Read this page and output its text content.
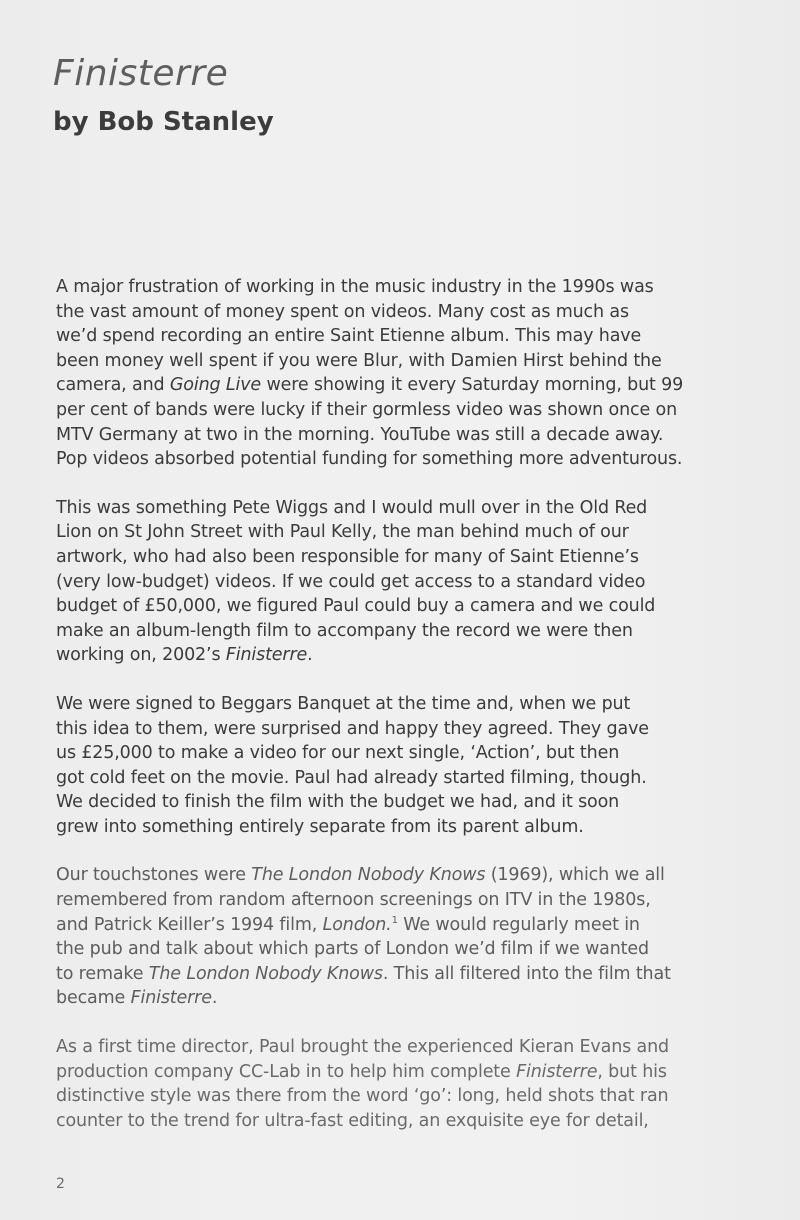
Finisterre
by Bob Stanley
A major frustration of working in the music industry in the 1990s was
the vast amount of money spent on videos. Many cost as much as
we’d spend recording an entire Saint Etienne album. This may have
been money well spent if you were Blur, with Damien Hirst behind the
camera, and Going Live were showing it every Saturday morning, but 99
per cent of bands were lucky if their gormless video was shown once on
MTV Germany at two in the morning. YouTube was still a decade away.
Pop videos absorbed potential funding for something more adventurous.
This was something Pete Wiggs and I would mull over in the Old Red
Lion on St John Street with Paul Kelly, the man behind much of our
artwork, who had also been responsible for many of Saint Etienne’s
(very low-budget) videos. If we could get access to a standard video
budget of £50,000, we figured Paul could buy a camera and we could
make an album-length film to accompany the record we were then
working on, 2002’s Finisterre.
We were signed to Beggars Banquet at the time and, when we put
this idea to them, were surprised and happy they agreed. They gave
us £25,000 to make a video for our next single, ‘Action’, but then
got cold feet on the movie. Paul had already started filming, though.
We decided to finish the film with the budget we had, and it soon
grew into something entirely separate from its parent album.
Our touchstones were The London Nobody Knows (1969), which we all
remembered from random afternoon screenings on ITV in the 1980s,
and Patrick Keiller’s 1994 film, London.$^1$ We would regularly meet in
the pub and talk about which parts of London we’d film if we wanted
to remake The London Nobody Knows. This all filtered into the film that
became Finisterre.
As a first time director, Paul brought the experienced Kieran Evans and
production company CC-Lab in to help him complete Finisterre, but his
distinctive style was there from the word ‘go’: long, held shots that ran
counter to the trend for ultra-fast editing, an exquisite eye for detail,
2
